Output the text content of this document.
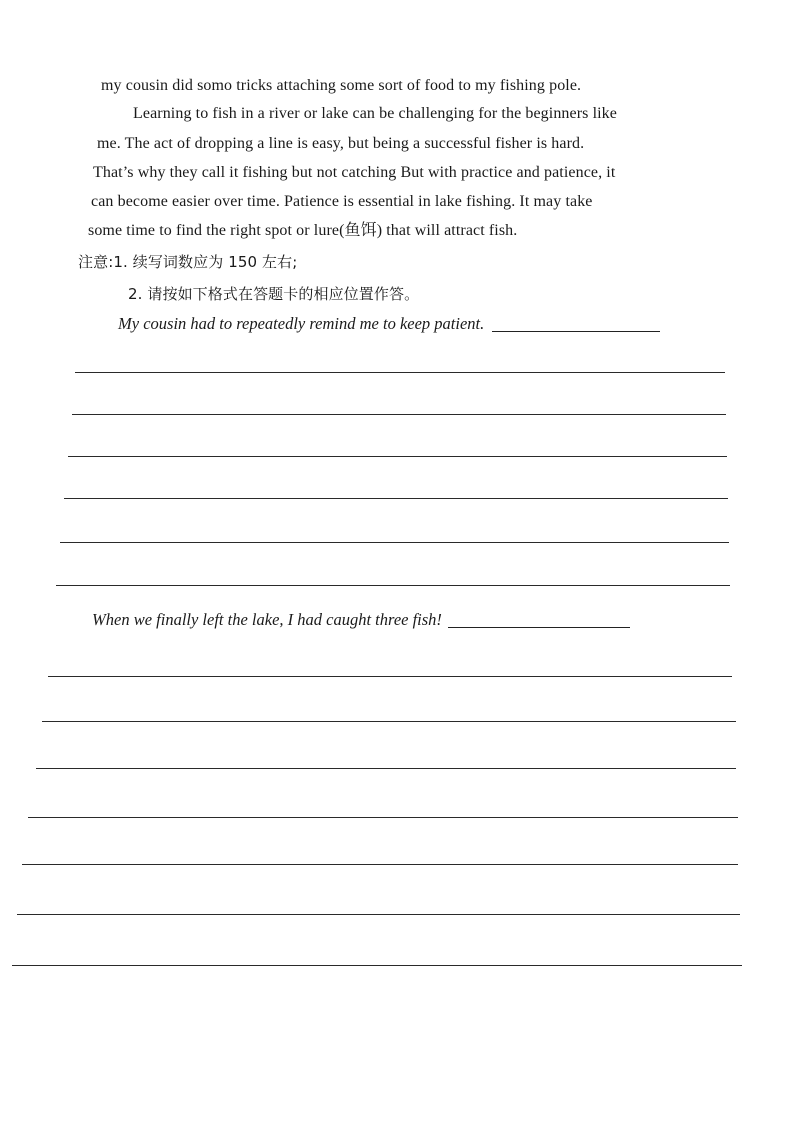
my cousin did somo tricks attaching some sort of food to my fishing pole.
Learning to fish in a river or lake can be challenging for the beginners like
me. The act of dropping a line is easy, but being a successful fisher is hard.
That’s why they call it fishing but not catching But with practice and patience, it
can become easier over time. Patience is essential in lake fishing. It may take
some time to find the right spot or lure(鱼饵) that will attract fish.
注意:1. 续写词数应为 150 左右;
2. 请按如下格式在答题卡的相应位置作答。
My cousin had to repeatedly remind me to keep patient.
When we finally left the lake, I had caught three fish!
